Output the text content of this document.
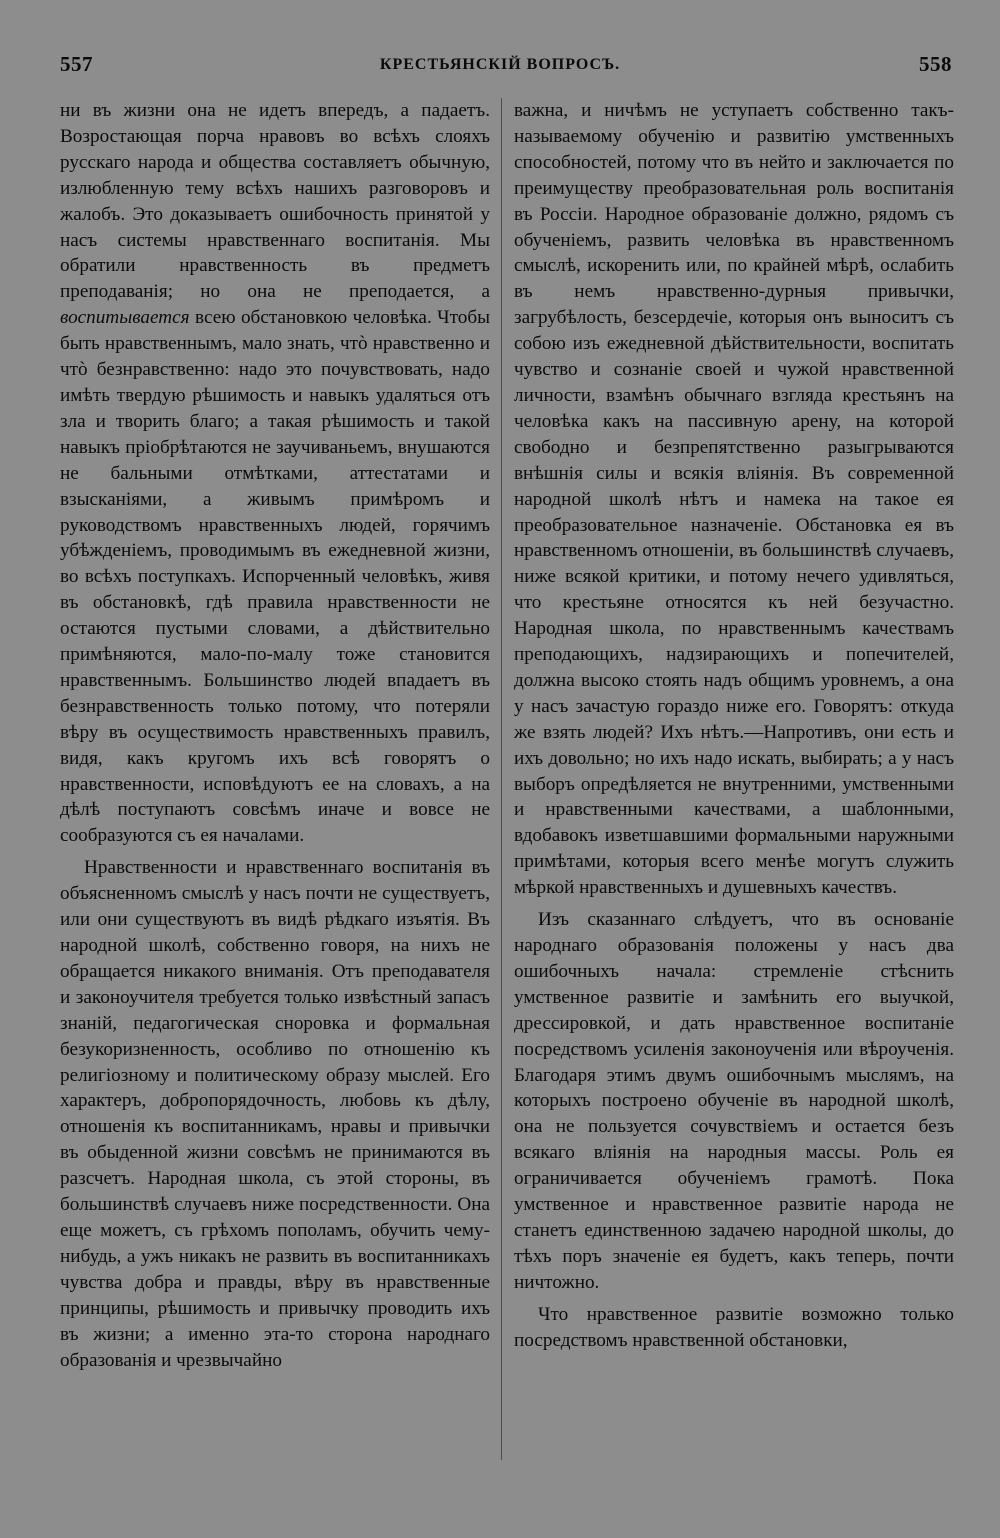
557	КРЕСТЬЯНСКІЙ ВОПРОСЪ.	558

ни въ жизни она не идетъ впередъ, а падаетъ. Возростающая порча нравовъ во всѣхъ слояхъ русскаго народа и общества составляетъ обычную, излюбленную тему всѣхъ нашихъ разговоровъ и жалобъ. Это доказываетъ ошибочность принятой у насъ системы нравственнаго воспитанія. Мы обратили нравственность въ предметъ преподаванія; но она не преподается, а воспитывается всею обстановкою человѣка. Чтобы быть нравственнымъ, мало знать, чтò нравственно и чтò безнравственно: надо это почувствовать, надо имѣть твердую рѣшимость и навыкъ удаляться отъ зла и творить благо; а такая рѣшимость и такой навыкъ пріобрѣтаются не заучиваньемъ, внушаются не бальными отмѣтками, аттестатами и взысканіями, а живымъ примѣромъ и руководствомъ нравственныхъ людей, горячимъ убѣжденіемъ, проводимымъ въ ежедневной жизни, во всѣхъ поступкахъ. Испорченный человѣкъ, живя въ обстановкѣ, гдѣ правила нравственности не остаются пустыми словами, а дѣйствительно примѣняются, мало-по-малу тоже становится нравственнымъ. Большинство людей впадаетъ въ безнравственность только потому, что потеряли вѣру въ осуществимость нравственныхъ правилъ, видя, какъ кругомъ ихъ всѣ говорятъ о нравственности, исповѣдуютъ ее на словахъ, а на дѣлѣ поступаютъ совсѣмъ иначе и вовсе не сообразуются съ ея началами.

Нравственности и нравственнаго воспитанія въ объясненномъ смыслѣ у насъ почти не существуетъ, или они существуютъ въ видѣ рѣдкаго изъятія. Въ народной школѣ, собственно говоря, на нихъ не обращается никакого вниманія. Отъ преподавателя и законоучителя требуется только извѣстный запасъ знаній, педагогическая сноровка и формальная безукоризненность, особливо по отношенію къ религіозному и политическому образу мыслей. Его характеръ, добропорядочность, любовь къ дѣлу, отношенія къ воспитанникамъ, нравы и привычки въ обыденной жизни совсѣмъ не принимаются въ разсчетъ. Народная школа, съ этой стороны, въ большинствѣ случаевъ ниже посредственности. Она еще можетъ, съ грѣхомъ пополамъ, обучить чему-нибудь, а ужъ никакъ не развить въ воспитанникахъ чувства добра и правды, вѣру въ нравственные принципы, рѣшимость и привычку проводить ихъ въ жизни; а именно эта-то сторона народнаго образованія и чрезвычайно

важна, и ничѣмъ не уступаетъ собственно такъ-называемому обученію и развитію умственныхъ способностей, потому что въ нейто и заключается по преимуществу преобразовательная роль воспитанія въ Россіи. Народное образованіе должно, рядомъ съ обученіемъ, развить человѣка въ нравственномъ смыслѣ, искоренить или, по крайней мѣрѣ, ослабить въ немъ нравственно-дурныя привычки, загрубѣлость, безсердечіе, которыя онъ выноситъ съ собою изъ ежедневной дѣйствительности, воспитать чувство и сознаніе своей и чужой нравственной личности, взамѣнъ обычнаго взгляда крестьянъ на человѣка какъ на пассивную арену, на которой свободно и безпрепятственно разыгрываются внѣшнія силы и всякія вліянія. Въ современной народной школѣ нѣтъ и намека на такое ея преобразовательное назначеніе. Обстановка ея въ нравственномъ отношеніи, въ большинствѣ случаевъ, ниже всякой критики, и потому нечего удивляться, что крестьяне относятся къ ней безучастно. Народная школа, по нравственнымъ качествамъ преподающихъ, надзирающихъ и попечителей, должна высоко стоять надъ общимъ уровнемъ, а она у насъ зачастую гораздо ниже его. Говорятъ: откуда же взять людей? Ихъ нѣтъ.—Напротивъ, они есть и ихъ довольно; но ихъ надо искать, выбирать; а у насъ выборъ опредѣляется не внутренними, умственными и нравственными качествами, а шаблонными, вдобавокъ изветшавшими формальными наружными примѣтами, которыя всего менѣе могутъ служить мѣркой нравственныхъ и душевныхъ качествъ.

Изъ сказаннаго слѣдуетъ, что въ основаніе народнаго образованія положены у насъ два ошибочныхъ начала: стремленіе стѣснить умственное развитіе и замѣнить его выучкой, дрессировкой, и дать нравственное воспитаніе посредствомъ усиленія законоученія или вѣроученія. Благодаря этимъ двумъ ошибочнымъ мыслямъ, на которыхъ построено обученіе въ народной школѣ, она не пользуется сочувствіемъ и остается безъ всякаго вліянія на народныя массы. Роль ея ограничивается обученіемъ грамотѣ. Пока умственное и нравственное развитіе народа не станетъ единственною задачею народной школы, до тѣхъ поръ значеніе ея будетъ, какъ теперь, почти ничтожно.

Что нравственное развитіе возможно только посредствомъ нравственной обстановки,
